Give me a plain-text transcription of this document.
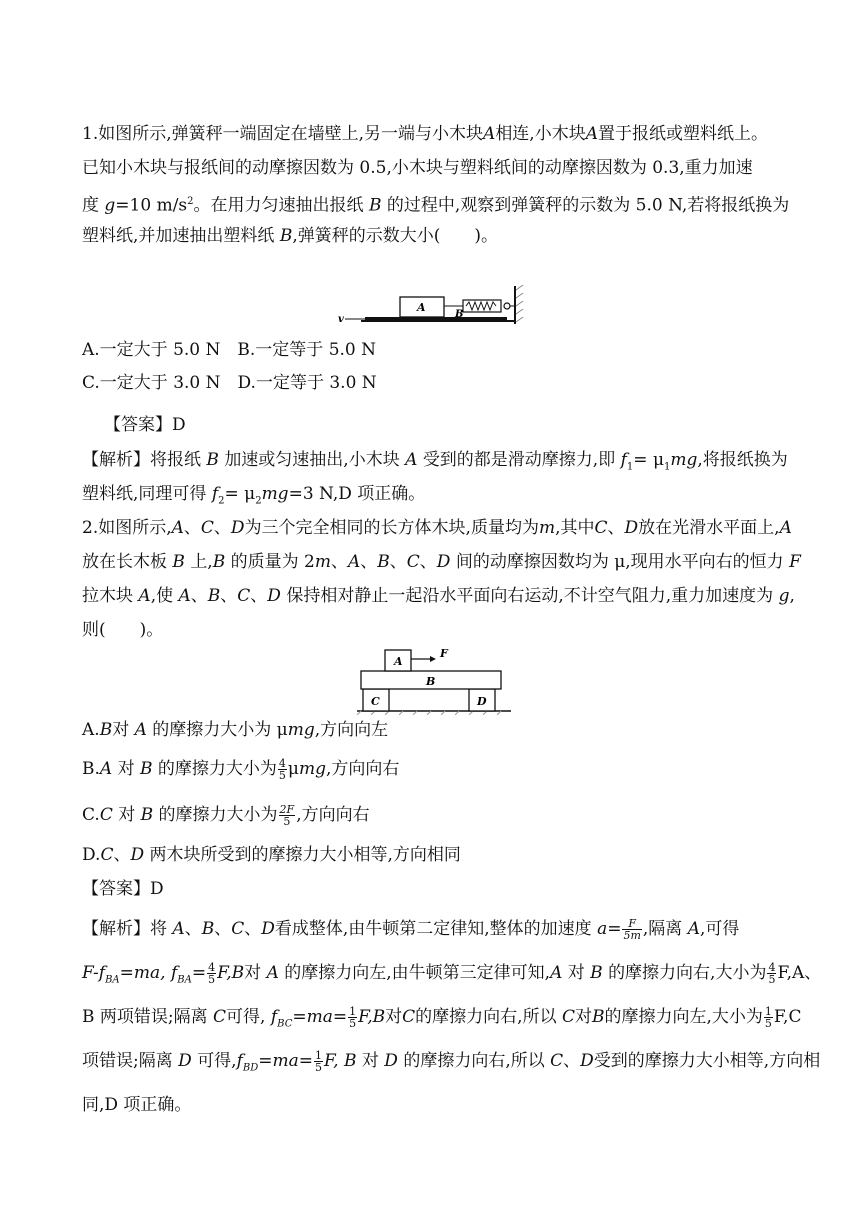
1.如图所示,弹簧秤一端固定在墙壁上,另一端与小木块A相连,小木块A置于报纸或塑料纸上。
已知小木块与报纸间的动摩擦因数为 0.5,小木块与塑料纸间的动摩擦因数为 0.3,重力加速
度 g=10 $m/s^2$。在用力匀速抽出报纸 B 的过程中,观察到弹簧秤的示数为 5.0 N,若将报纸换为
塑料纸,并加速抽出塑料纸 B,弹簧秤的示数大小(　　)。
A
B
v
A.一定大于 5.0 N　B.一定等于 5.0 N
C.一定大于 3.0 N　D.一定等于 3.0 N
【答案】D
【解析】将报纸 B 加速或匀速抽出,小木块 A 受到的都是滑动摩擦力,即 $f_1= \mu_1mg$,将报纸换为
塑料纸,同理可得 $f_2= \mu_2mg=3$ N,D 项正确。
2.如图所示,A、C、D为三个完全相同的长方体木块,质量均为m,其中C、D放在光滑水平面上,A
放在长木板 B 上,B 的质量为 2m、A、B、C、D 间的动摩擦因数均为 μ,现用水平向右的恒力 F
拉木块 A,使 A、B、C、D 保持相对静止一起沿水平面向右运动,不计空气阻力,重力加速度为 g,
则(　　)。
A
B
C	D
F
A.B对 A 的摩擦力大小为 μmg,方向向左
B.A 对 B 的摩擦力大小为 $\frac{4}{5} \mu mg$,方向向右
C.C 对 B 的摩擦力大小为 $\frac{2F}{5}$ ,方向向右
D.C、D 两木块所受到的摩擦力大小相等,方向相同
【答案】D
【解析】将 A、B、C、D看成整体,由牛顿第二定律知,整体的加速度 $a= \frac{F}{5m}$ ,隔离 A,可得
$F-f_{BA}=ma$, $f_{BA}= \frac{4}{5} F,B$对 A 的摩擦力向左,由牛顿第三定律可知,A 对 B 的摩擦力向右,大小为 $\frac{4}{5} F,A$、
B 两项错误;隔离 C可得, $f_{BC}=ma= \frac{1}{5} F,B$对C的摩擦力向右,所以 C对B的摩擦力向左,大小为 $\frac{1}{5} F,C$
项错误;隔离 D 可得$,f_{BD}=ma= \frac{1}{5} F$, B 对 D 的摩擦力向右,所以 C、D受到的摩擦力大小相等,方向相
同,D 项正确。
